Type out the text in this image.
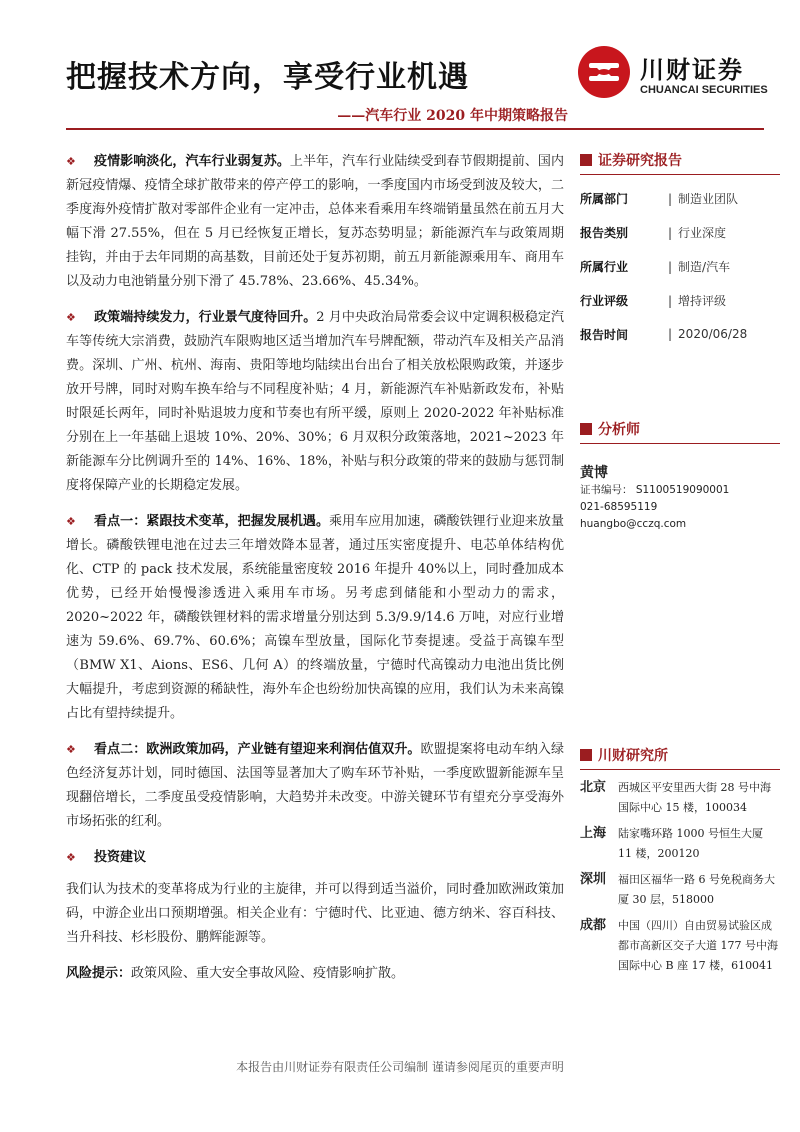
把握技术方向，享受行业机遇
——汽车行业 2020 年中期策略报告
川财证券
CHUANCAI SECURITIES

❖ 疫情影响淡化，汽车行业弱复苏。上半年，汽车行业陆续受到春节假期提前、国内新冠疫情爆、疫情全球扩散带来的停产停工的影响，一季度国内市场受到波及较大，二季度海外疫情扩散对零部件企业有一定冲击，总体来看乘用车终端销量虽然在前五月大幅下滑 27.55%，但在 5 月已经恢复正增长，复苏态势明显；新能源汽车与政策周期挂钩，并由于去年同期的高基数，目前还处于复苏初期，前五月新能源乘用车、商用车以及动力电池销量分别下滑了 45.78%、23.66%、45.34%。

❖ 政策端持续发力，行业景气度待回升。2 月中央政治局常委会议中定调积极稳定汽车等传统大宗消费，鼓励汽车限购地区适当增加汽车号牌配额，带动汽车及相关产品消费。深圳、广州、杭州、海南、贵阳等地均陆续出台出台了相关放松限购政策，并逐步放开号牌，同时对购车换车给与不同程度补贴；4 月，新能源汽车补贴新政发布，补贴时限延长两年，同时补贴退坡力度和节奏也有所平缓，原则上 2020-2022 年补贴标准分别在上一年基础上退坡 10%、20%、30%；6 月双积分政策落地，2021~2023 年新能源车分比例调升至的 14%、16%、18%，补贴与积分政策的带来的鼓励与惩罚制度将保障产业的长期稳定发展。

❖ 看点一：紧跟技术变革，把握发展机遇。乘用车应用加速，磷酸铁锂行业迎来放量增长。磷酸铁锂电池在过去三年增效降本显著，通过压实密度提升、电芯单体结构优化、CTP 的 pack 技术发展，系统能量密度较 2016 年提升 40%以上，同时叠加成本优势，已经开始慢慢渗透进入乘用车市场。另考虑到储能和小型动力的需求，2020~2022 年，磷酸铁锂材料的需求增量分别达到 5.3/9.9/14.6 万吨，对应行业增速为 59.6%、69.7%、60.6%；高镍车型放量，国际化节奏提速。受益于高镍车型（BMW X1、Aions、ES6、几何 A）的终端放量，宁德时代高镍动力电池出货比例大幅提升，考虑到资源的稀缺性，海外车企也纷纷加快高镍的应用，我们认为未来高镍占比有望持续提升。

❖ 看点二：欧洲政策加码，产业链有望迎来利润估值双升。欧盟提案将电动车纳入绿色经济复苏计划，同时德国、法国等显著加大了购车环节补贴，一季度欧盟新能源车呈现翻倍增长，二季度虽受疫情影响，大趋势并未改变。中游关键环节有望充分享受海外市场拓张的红利。

❖ 投资建议

我们认为技术的变革将成为行业的主旋律，并可以得到适当溢价，同时叠加欧洲政策加码，中游企业出口预期增强。相关企业有：宁德时代、比亚迪、德方纳米、容百科技、当升科技、杉杉股份、鹏辉能源等。

风险提示：政策风险、重大安全事故风险、疫情影响扩散。

证券研究报告
所属部门	| 制造业团队
报告类别	| 行业深度
所属行业	| 制造/汽车
行业评级	| 增持评级
报告时间	| 2020/06/28
分析师
黄博
证书编号： S1100519090001
021-68595119
huangbo@cczq.com
川财研究所
北京	西城区平安里西大街 28 号中海国际中心 15 楼，100034
上海	陆家嘴环路 1000 号恒生大厦 11 楼，200120
深圳	福田区福华一路 6 号免税商务大厦 30 层，518000
成都	中国（四川）自由贸易试验区成都市高新区交子大道 177 号中海国际中心 B 座 17 楼，610041
本报告由川财证券有限责任公司编制 谨请参阅尾页的重要声明
